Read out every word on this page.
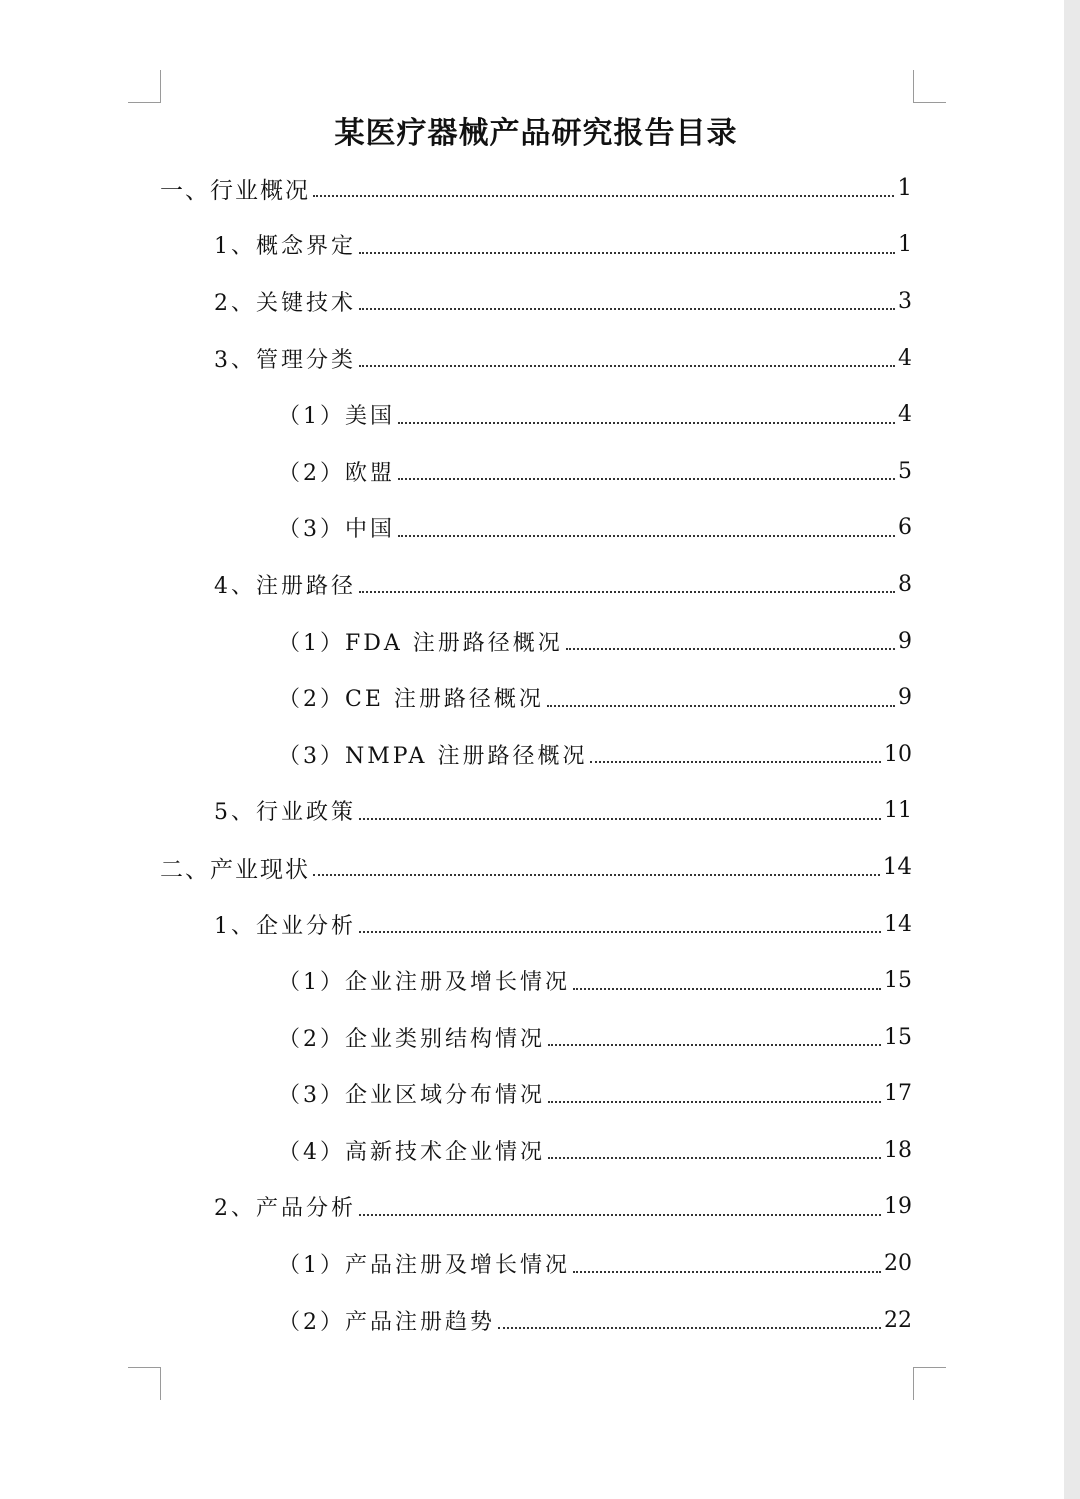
某医疗器械产品研究报告目录
一、行业概况	1
1、概念界定	1
2、关键技术	3
3、管理分类	4
（1）美国	4
（2）欧盟	5
（3）中国	6
4、注册路径	8
（1）FDA 注册路径概况	9
（2）CE 注册路径概况	9
（3）NMPA 注册路径概况	10
5、行业政策	11
二、产业现状	14
1、企业分析	14
（1）企业注册及增长情况	15
（2）企业类别结构情况	15
（3）企业区域分布情况	17
（4）高新技术企业情况	18
2、产品分析	19
（1）产品注册及增长情况	20
（2）产品注册趋势	22
